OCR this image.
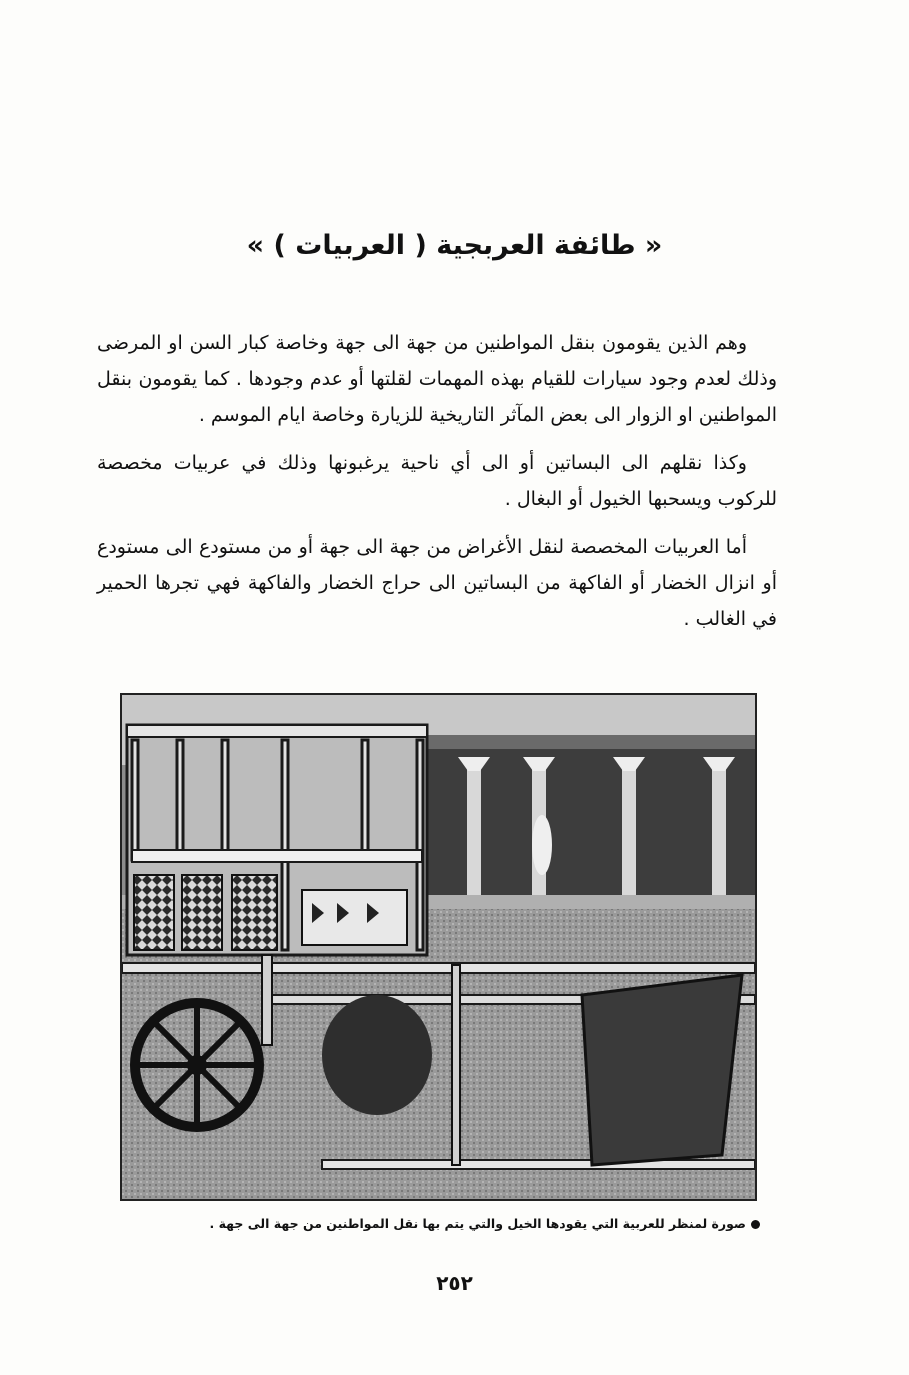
« طائفة العربجية ( العربيات ) »

وهم الذين يقومون بنقل المواطنين من جهة الى جهة وخاصة كبار السن او المرضى وذلك لعدم وجود سيارات للقيام بهذه المهمات لقلتها أو عدم وجودها . كما يقومون بنقل المواطنين او الزوار الى بعض المآثر التاريخية للزيارة وخاصة ايام الموسم .

وكذا نقلهم الى البساتين أو الى أي ناحية يرغبونها وذلك في عربيات مخصصة للركوب ويسحبها الخيول أو البغال .

أما العربيات المخصصة لنقل الأغراض من جهة الى جهة أو من مستودع الى مستودع أو انزال الخضار أو الفاكهة من البساتين الى حراج الخضار والفاكهة فهي تجرها الحمير في الغالب .

صورة لمنظر للعربية التي يقودها الخيل والتي يتم بها نقل المواطنين من جهة الى جهة .
٢٥٢
